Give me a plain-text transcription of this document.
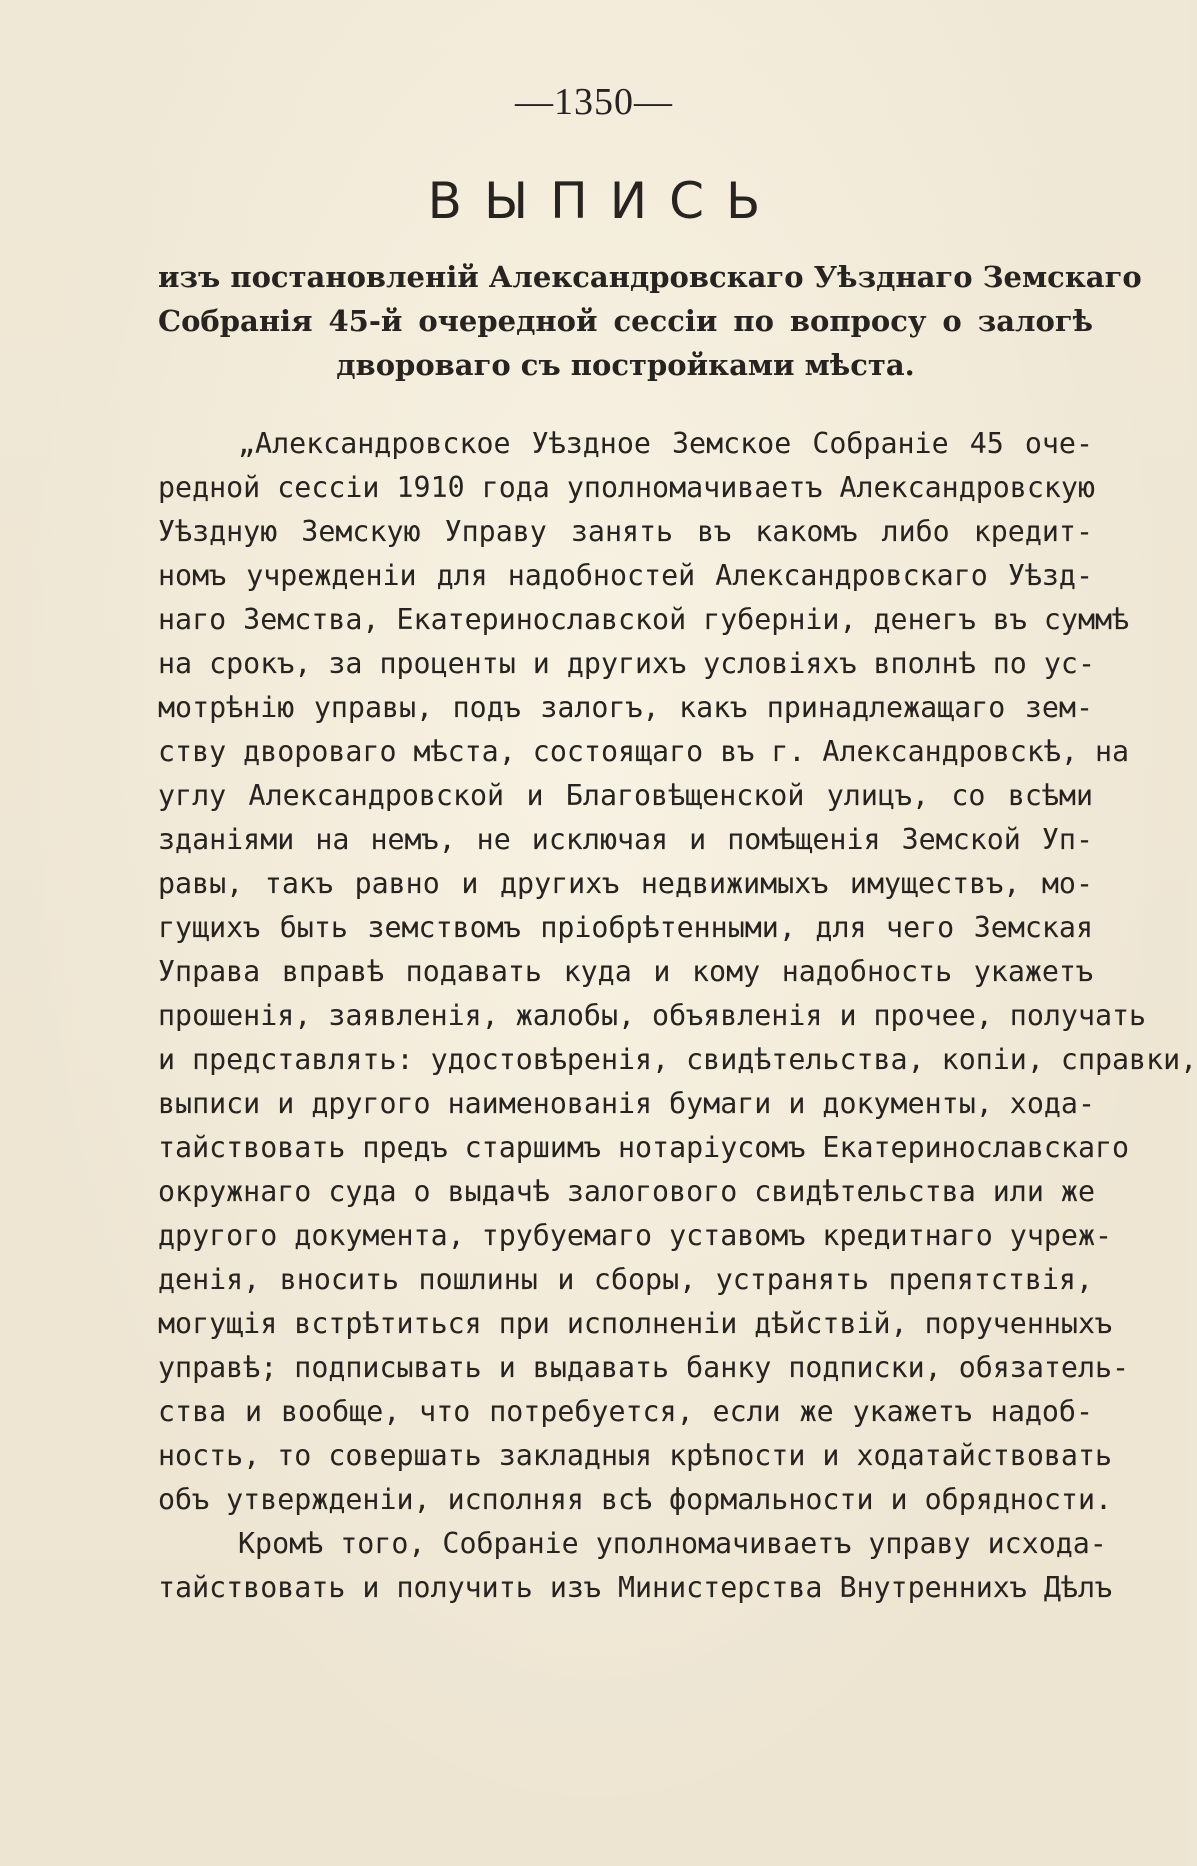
—1350—
ВЫПИСЬ
изъ постановленій Александровскаго Уѣзднаго Земскаго
Собранія 45-й очередной сессіи по вопросу о залогѣ
двороваго съ постройками мѣста.
„Александровское Уѣздное Земское Собраніе 45 оче-
редной сессіи 1910 года уполномачиваетъ Александровскую
Уѣздную Земскую Управу занять въ какомъ либо кредит-
номъ учрежденіи для надобностей Александровскаго Уѣзд-
наго Земства, Екатеринославской губерніи, денегъ въ суммѣ
на срокъ, за проценты и другихъ условіяхъ вполнѣ по ус-
мотрѣнію управы, подъ залогъ, какъ принадлежащаго зем-
ству двороваго мѣста, состоящаго въ г. Александровскѣ, на
углу Александровской и Благовѣщенской улицъ, со всѣми
зданіями на немъ, не исключая и помѣщенія Земской Уп-
равы, такъ равно и другихъ недвижимыхъ имуществъ, мо-
гущихъ быть земствомъ пріобрѣтенными, для чего Земская
Управа вправѣ подавать куда и кому надобность укажетъ
прошенія, заявленія, жалобы, объявленія и прочее, получать
и представлять: удостовѣренія, свидѣтельства, копіи, справки,
выписи и другого наименованія бумаги и документы, хода-
тайствовать предъ старшимъ нотаріусомъ Екатеринославскаго
окружнаго суда о выдачѣ залогового свидѣтельства или же
другого документа, трубуемаго уставомъ кредитнаго учреж-
денія, вносить пошлины и сборы, устранять препятствія,
могущія встрѣтиться при исполненіи дѣйствій, порученныхъ
управѣ; подписывать и выдавать банку подписки, обязатель-
ства и вообще, что потребуется, если же укажетъ надоб-
ность, то совершать закладныя крѣпости и ходатайствовать
объ утвержденіи, исполняя всѣ формальности и обрядности.
Кромѣ того, Собраніе уполномачиваетъ управу исхода-
тайствовать и получить изъ Министерства Внутреннихъ Дѣлъ
